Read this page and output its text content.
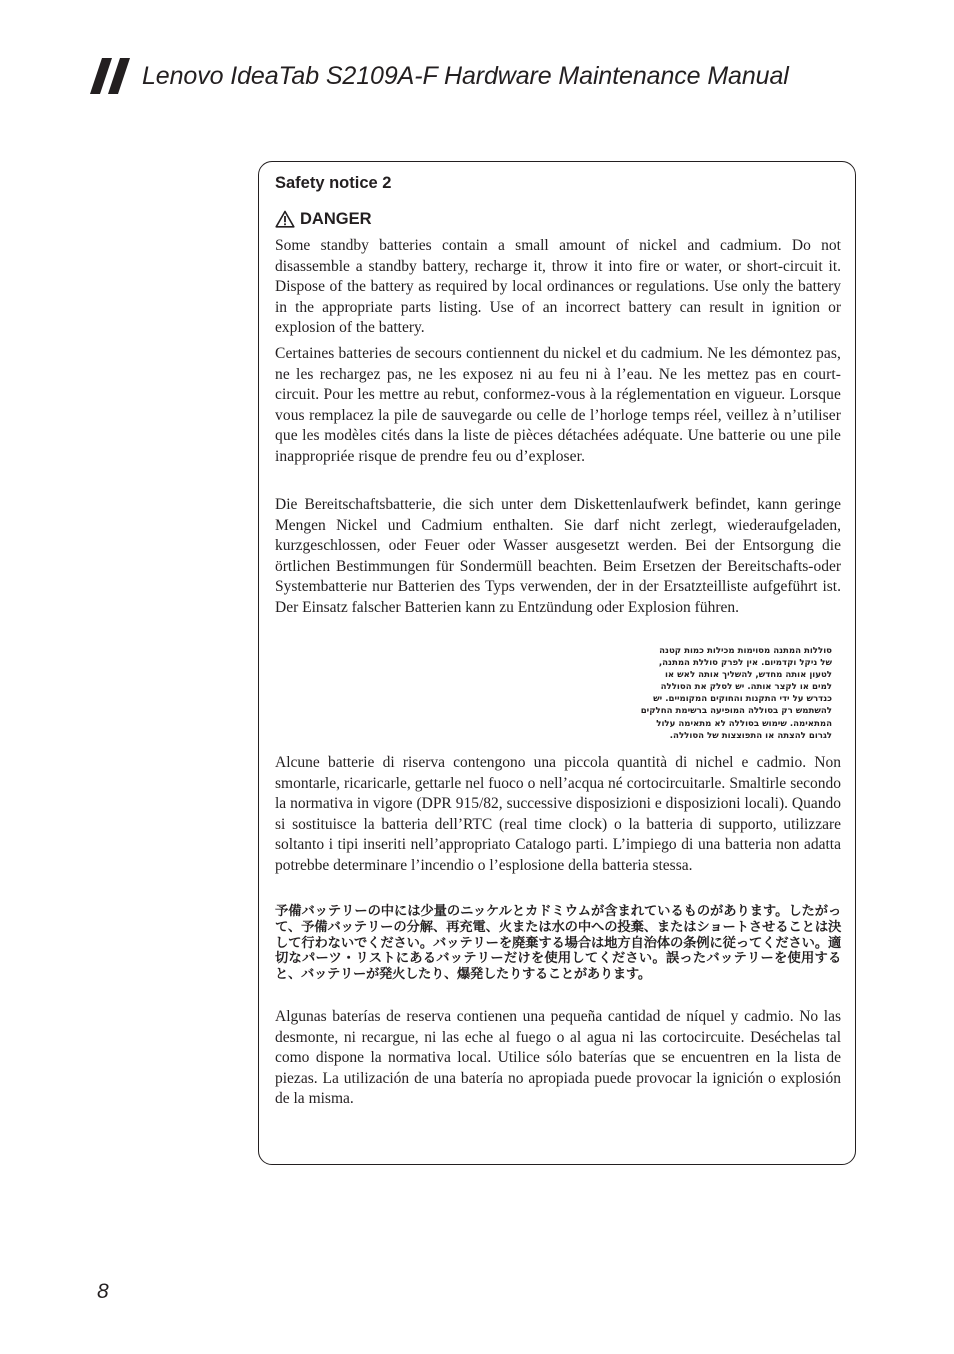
Lenovo IdeaTab S2109A-F Hardware Maintenance Manual
Safety notice 2
DANGER

Some standby batteries contain a small amount of nickel and cadmium. Do not disassemble a standby battery, recharge it, throw it into fire or water, or short-circuit it. Dispose of the battery as required by local ordinances or regulations. Use only the battery in the appropriate parts listing. Use of an incorrect battery can result in ignition or explosion of the battery.

Certaines batteries de secours contiennent du nickel et du cadmium. Ne les démontez pas, ne les rechargez pas, ne les exposez ni au feu ni à l’eau. Ne les mettez pas en court-circuit. Pour les mettre au rebut, conformez-vous à la réglementation en vigueur. Lorsque vous remplacez la pile de sauvegarde ou celle de l’horloge temps réel, veillez à n’utiliser que les modèles cités dans la liste de pièces détachées adéquate. Une batterie ou une pile inappropriée risque de prendre feu ou d’exploser.

Die Bereitschaftsbatterie, die sich unter dem Diskettenlaufwerk befindet, kann geringe Mengen Nickel und Cadmium enthalten. Sie darf nicht zerlegt, wiederaufgeladen, kurzgeschlossen, oder Feuer oder Wasser ausgesetzt werden. Bei der Entsorgung die örtlichen Bestimmungen für Sondermüll beachten. Beim Ersetzen der Bereitschafts-oder Systembatterie nur Batterien des Typs verwenden, der in der Ersatzteilliste aufgeführt ist. Der Einsatz falscher Batterien kann zu Entzündung oder Explosion führen.

סוללות המתנה מסוימות מכילות כמות קטנה
של ניקל וקדמיום. אין לפרק סוללת המתנה,
לטעון אותה מחדש, להשליך אותה לאש או
למים או לקצר אותה. יש לסלק את הסוללה
כנדרש על ידי התקנות והחוקים המקומיים. יש
להשתמש רק בסוללה המופיעה ברשימת החלקים
המתאימה. שימוש בסוללה לא מתאימה עלול
לגרום להצתה או התפוצצות של הסוללה.

Alcune batterie di riserva contengono una piccola quantità di nichel e cadmio. Non smontarle, ricaricarle, gettarle nel fuoco o nell’acqua né cortocircuitarle. Smaltirle secondo la normativa in vigore (DPR 915/82, successive disposizioni e disposizioni locali). Quando si sostituisce la batteria dell’RTC (real time clock) o la batteria di supporto, utilizzare soltanto i tipi inseriti nell’appropriato Catalogo parti. L’impiego di una batteria non adatta potrebbe determinare l’incendio o l’esplosione della batteria stessa.

予備バッテリーの中には少量のニッケルとカドミウムが含まれているものがあります。したがって、予備バッテリーの分解、再充電、火または水の中への投棄、またはショートさせることは決して行わないでください。バッテリーを廃棄する場合は地方自治体の条例に従ってください。適切なパーツ・リストにあるバッテリーだけを使用してください。誤ったバッテリーを使用すると、バッテリーが発火したり、爆発したりすることがあります。

Algunas baterías de reserva contienen una pequeña cantidad de níquel y cadmio. No las desmonte, ni recargue, ni las eche al fuego o al agua ni las cortocircuite. Deséchelas tal como dispone la normativa local. Utilice sólo baterías que se encuentren en la lista de piezas. La utilización de una batería no apropiada puede provocar la ignición o explosión de la misma.

8
